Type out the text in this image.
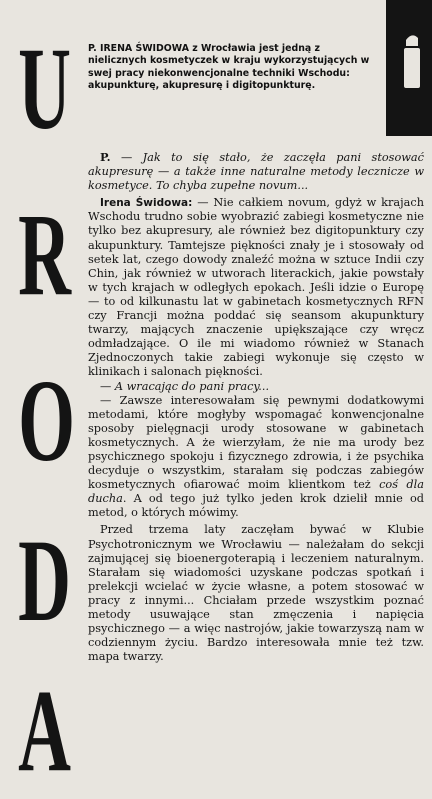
U
R
O
D
A
P. IRENA ŚWIDOWA z Wrocławia jest jedną z nielicznych kosmetyczek w kraju wykorzystujących w swej pracy niekonwencjonalne techniki Wschodu: akupunkturę, akupresurę i digitopunkturę.

P. — Jak to się stało, że zaczęła pani stosować akupresurę — a także inne naturalne metody lecznicze w kosmetyce. To chyba zupełne novum...

Irena Świdowa: — Nie całkiem novum, gdyż w krajach Wschodu trudno sobie wyobrazić zabiegi kosmetyczne nie tylko bez akupresury, ale również bez digitopunktury czy akupunktury. Tamtejsze piękności znały je i stosowały od setek lat, czego dowody znaleźć można w sztuce Indii czy Chin, jak również w utworach literackich, jakie powstały w tych krajach w odległych epokach. Jeśli idzie o Europę — to od kilkunastu lat w gabinetach kosmetycznych RFN czy Francji można poddać się seansom akupunktury twarzy, mających znaczenie upiększające czy wręcz odmładzające. O ile mi wiadomo również w Stanach Zjednoczonych takie zabiegi wykonuje się często w klinikach i salonach piękności.

— A wracając do pani pracy...

— Zawsze interesowałam się pewnymi dodatkowymi metodami, które mogłyby wspomagać konwencjonalne sposoby pielęgnacji urody stosowane w gabinetach kosmetycznych. A że wierzyłam, że nie ma urody bez psychicznego spokoju i fizycznego zdrowia, i że psychika decyduje o wszystkim, starałam się podczas zabiegów kosmetycznych ofiarować moim klientkom też coś dla ducha. A od tego już tylko jeden krok dzielił mnie od metod, o których mówimy.

Przed trzema laty zaczęłam bywać w Klubie Psychotronicznym we Wrocławiu — należałam do sekcji zajmującej się bioenergoterapią i leczeniem naturalnym. Starałam się wiadomości uzyskane podczas spotkań i prelekcji wcielać w życie własne, a potem stosować w pracy z innymi... Chciałam przede wszystkim poznać metody usuwające stan zmęczenia i napięcia psychicznego — a więc nastrojów, jakie towarzyszą nam w codziennym życiu. Bardzo interesowała mnie też tzw. mapa twarzy.
